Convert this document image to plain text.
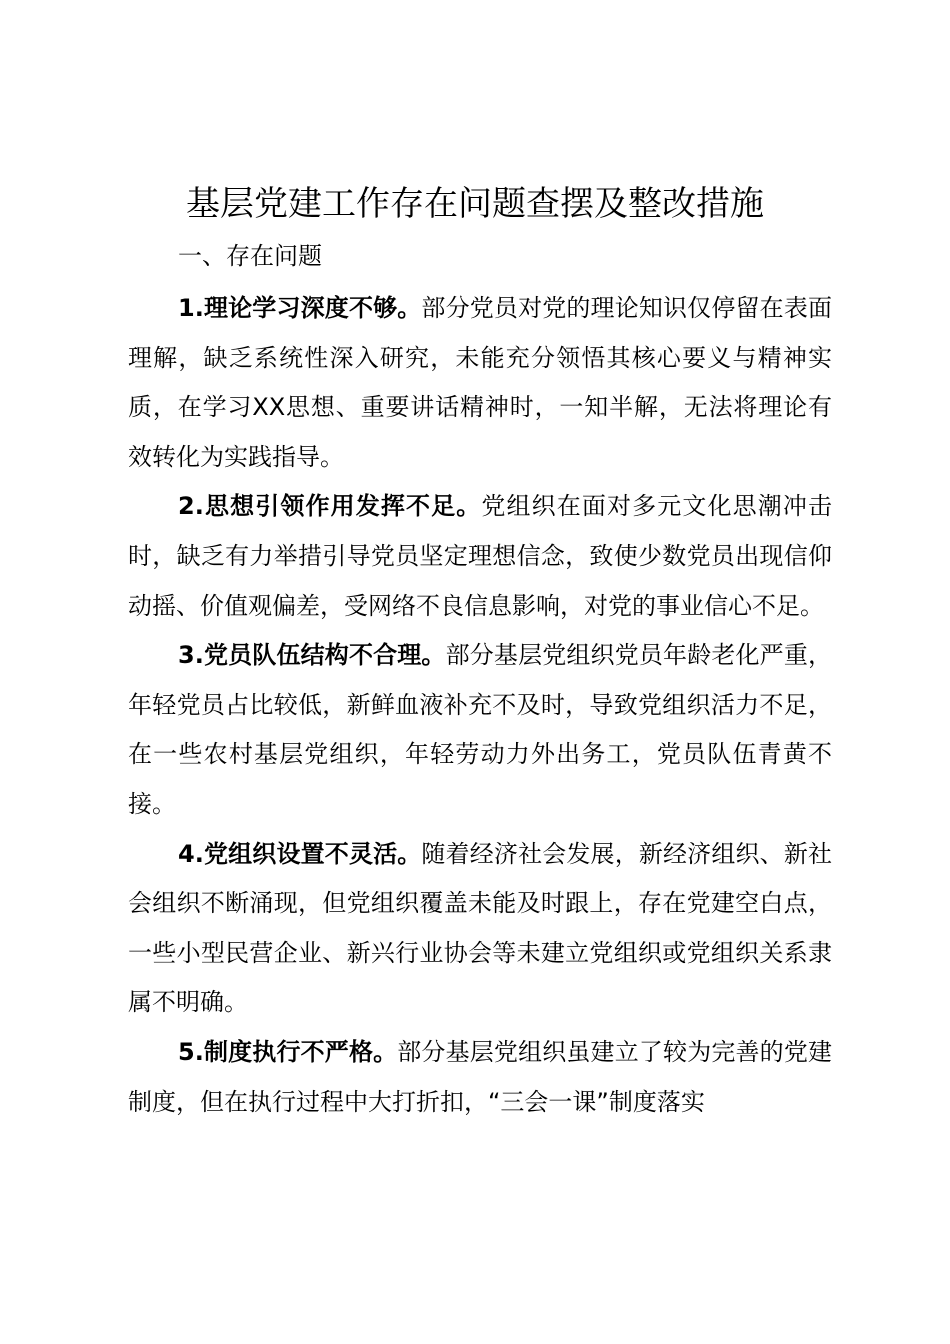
基层党建工作存在问题查摆及整改措施
一、存在问题

1.理论学习深度不够。部分党员对党的理论知识仅停留在表面理解，缺乏系统性深入研究，未能充分领悟其核心要义与精神实质，在学习XX思想、重要讲话精神时，一知半解，无法将理论有效转化为实践指导。

2.思想引领作用发挥不足。党组织在面对多元文化思潮冲击时，缺乏有力举措引导党员坚定理想信念，致使少数党员出现信仰动摇、价值观偏差，受网络不良信息影响，对党的事业信心不足。

3.党员队伍结构不合理。部分基层党组织党员年龄老化严重，年轻党员占比较低，新鲜血液补充不及时，导致党组织活力不足，在一些农村基层党组织，年轻劳动力外出务工，党员队伍青黄不接。

4.党组织设置不灵活。随着经济社会发展，新经济组织、新社会组织不断涌现，但党组织覆盖未能及时跟上，存在党建空白点，一些小型民营企业、新兴行业协会等未建立党组织或党组织关系隶属不明确。

5.制度执行不严格。部分基层党组织虽建立了较为完善的党建制度，但在执行过程中大打折扣，“三会一课”制度落实
